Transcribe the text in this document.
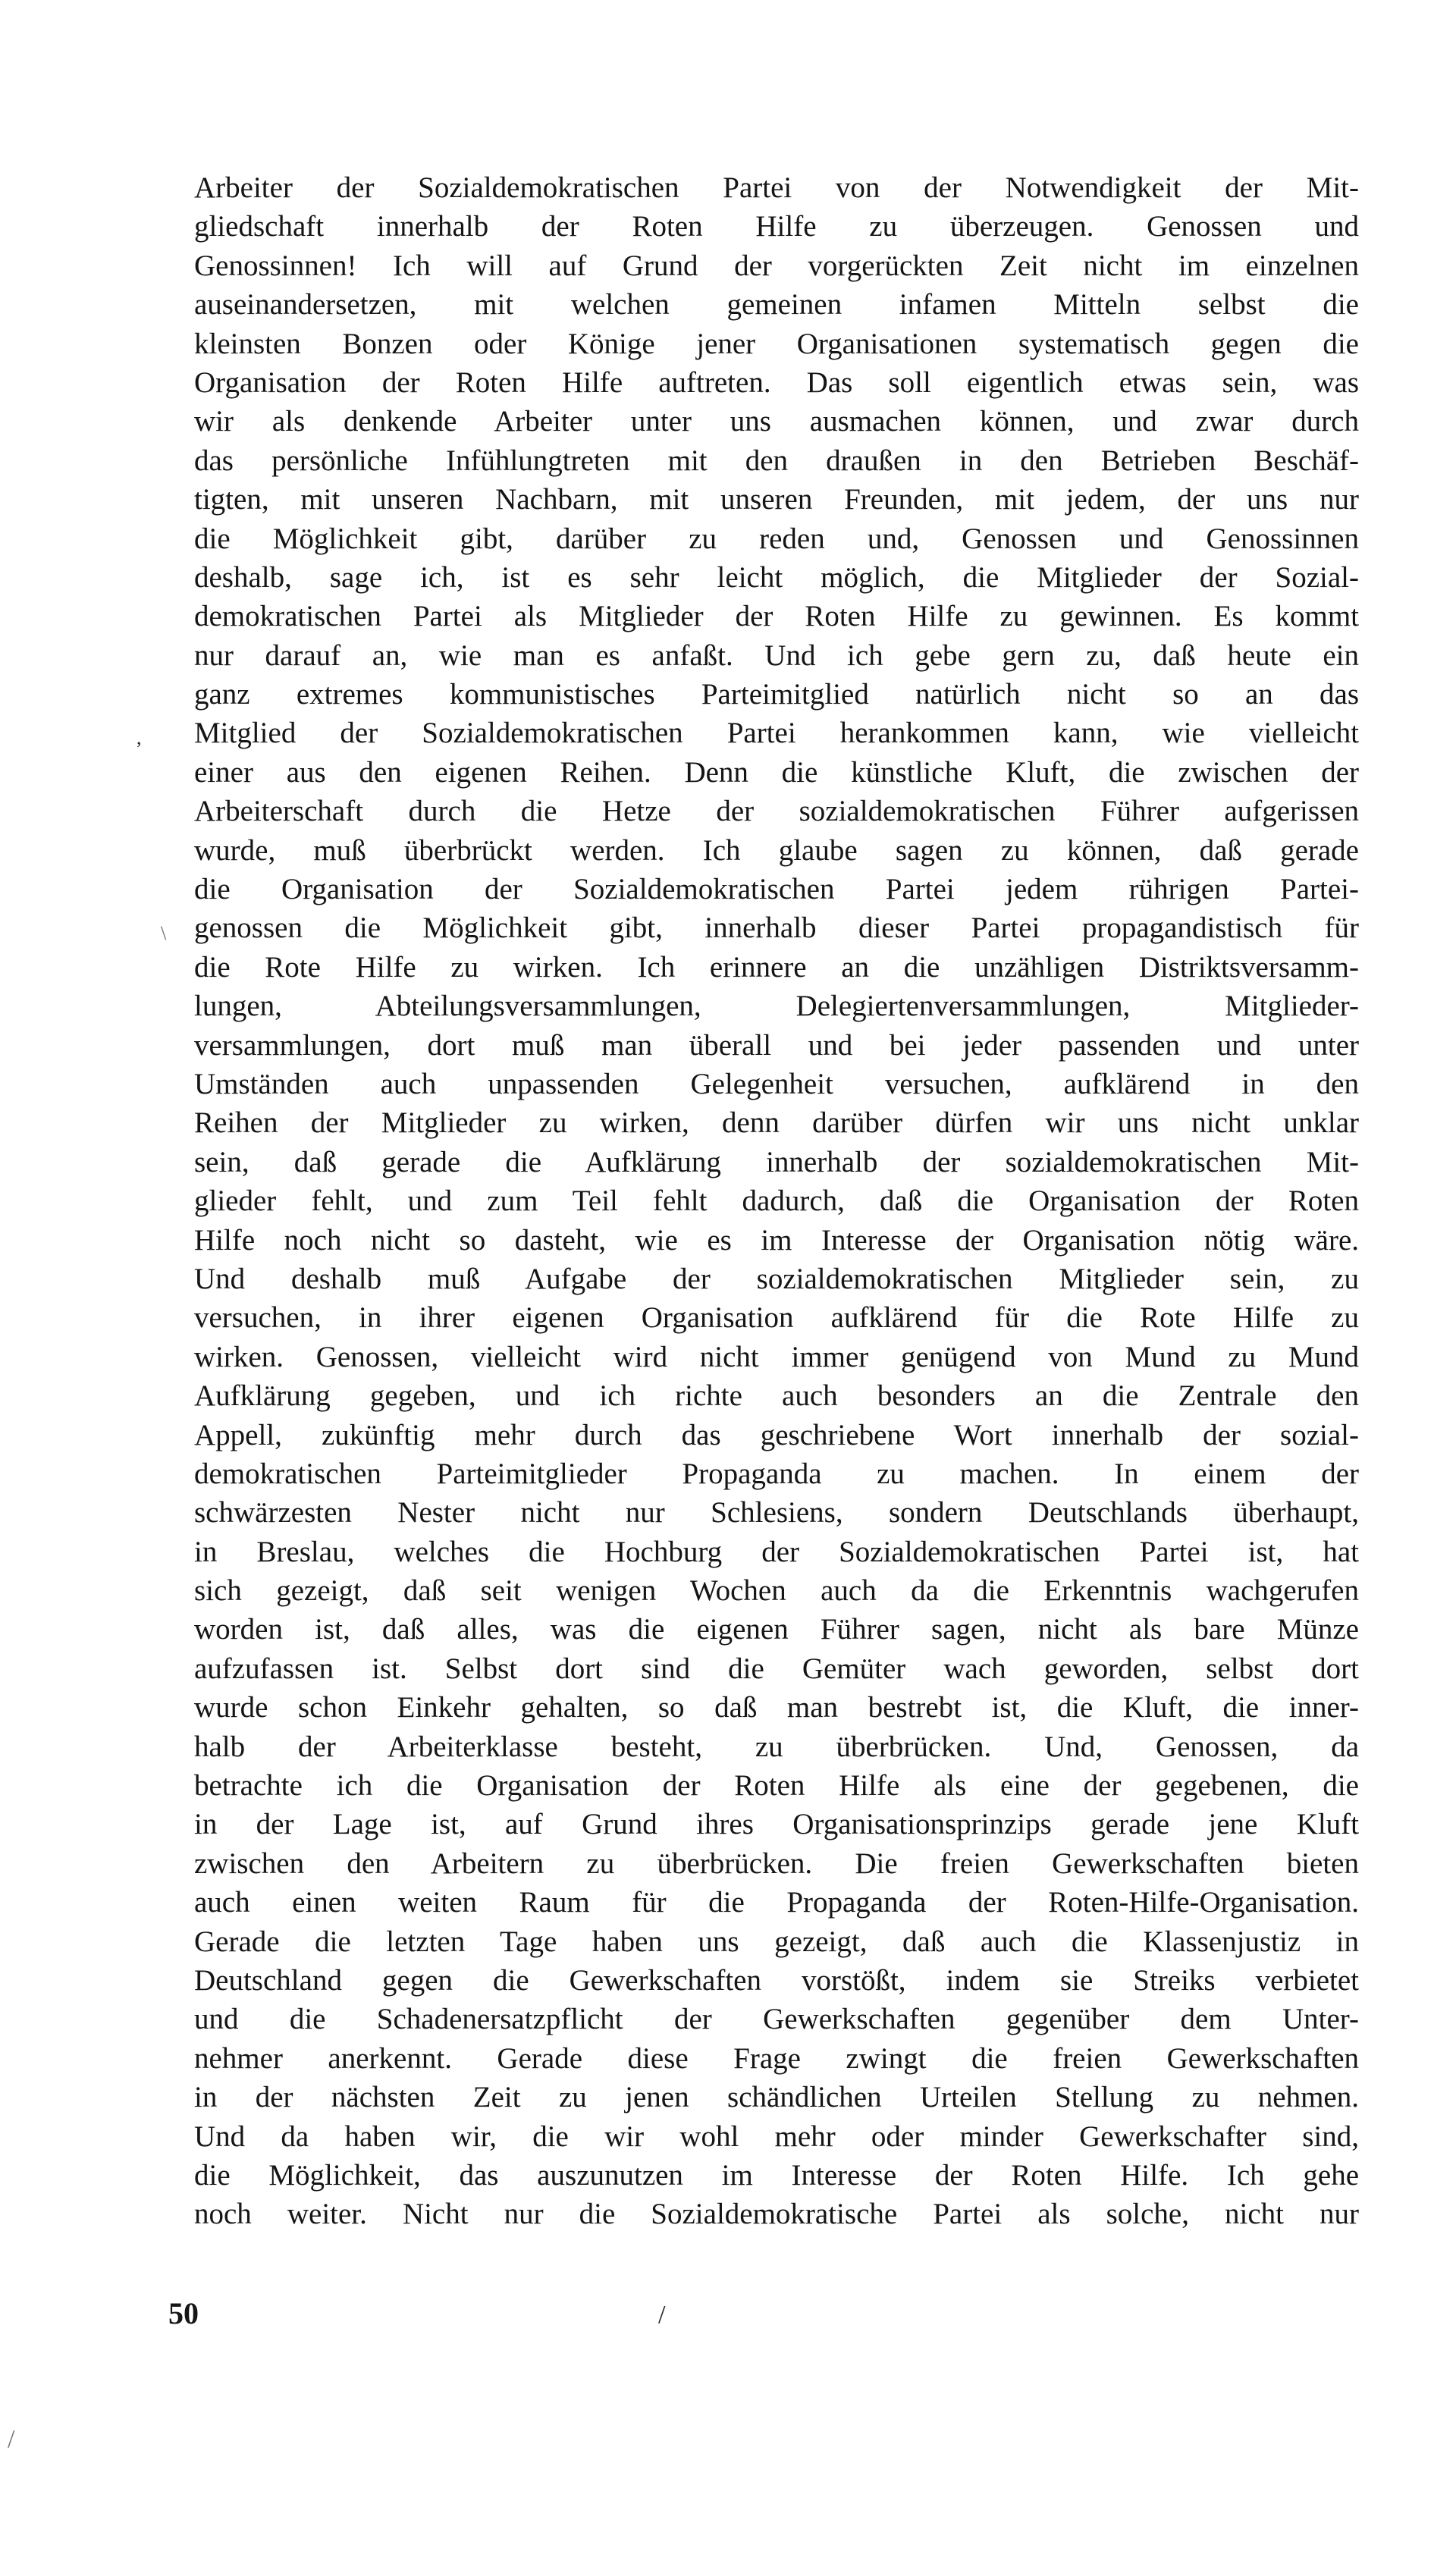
Arbeiter der Sozialdemokratischen Partei von der Notwendigkeit der Mit-
gliedschaft innerhalb der Roten Hilfe zu überzeugen. Genossen und
Genossinnen! Ich will auf Grund der vorgerückten Zeit nicht im einzelnen
auseinandersetzen, mit welchen gemeinen infamen Mitteln selbst die
kleinsten Bonzen oder Könige jener Organisationen systematisch gegen die
Organisation der Roten Hilfe auftreten. Das soll eigentlich etwas sein, was
wir als denkende Arbeiter unter uns ausmachen können, und zwar durch
das persönliche Infühlungtreten mit den draußen in den Betrieben Beschäf-
tigten, mit unseren Nachbarn, mit unseren Freunden, mit jedem, der uns nur
die Möglichkeit gibt, darüber zu reden und, Genossen und Genossinnen
deshalb, sage ich, ist es sehr leicht möglich, die Mitglieder der Sozial-
demokratischen Partei als Mitglieder der Roten Hilfe zu gewinnen. Es kommt
nur darauf an, wie man es anfaßt. Und ich gebe gern zu, daß heute ein
ganz extremes kommunistisches Parteimitglied natürlich nicht so an das
Mitglied der Sozialdemokratischen Partei herankommen kann, wie vielleicht
einer aus den eigenen Reihen. Denn die künstliche Kluft, die zwischen der
Arbeiterschaft durch die Hetze der sozialdemokratischen Führer aufgerissen
wurde, muß überbrückt werden. Ich glaube sagen zu können, daß gerade
die Organisation der Sozialdemokratischen Partei jedem rührigen Partei-
genossen die Möglichkeit gibt, innerhalb dieser Partei propagandistisch für
die Rote Hilfe zu wirken. Ich erinnere an die unzähligen Distriktsversamm-
lungen, Abteilungsversammlungen, Delegiertenversammlungen, Mitglieder-
versammlungen, dort muß man überall und bei jeder passenden und unter
Umständen auch unpassenden Gelegenheit versuchen, aufklärend in den
Reihen der Mitglieder zu wirken, denn darüber dürfen wir uns nicht unklar
sein, daß gerade die Aufklärung innerhalb der sozialdemokratischen Mit-
glieder fehlt, und zum Teil fehlt dadurch, daß die Organisation der Roten
Hilfe noch nicht so dasteht, wie es im Interesse der Organisation nötig wäre.
Und deshalb muß Aufgabe der sozialdemokratischen Mitglieder sein, zu
versuchen, in ihrer eigenen Organisation aufklärend für die Rote Hilfe zu
wirken. Genossen, vielleicht wird nicht immer genügend von Mund zu Mund
Aufklärung gegeben, und ich richte auch besonders an die Zentrale den
Appell, zukünftig mehr durch das geschriebene Wort innerhalb der sozial-
demokratischen Parteimitglieder Propaganda zu machen. In einem der
schwärzesten Nester nicht nur Schlesiens, sondern Deutschlands überhaupt,
in Breslau, welches die Hochburg der Sozialdemokratischen Partei ist, hat
sich gezeigt, daß seit wenigen Wochen auch da die Erkenntnis wachgerufen
worden ist, daß alles, was die eigenen Führer sagen, nicht als bare Münze
aufzufassen ist. Selbst dort sind die Gemüter wach geworden, selbst dort
wurde schon Einkehr gehalten, so daß man bestrebt ist, die Kluft, die inner-
halb der Arbeiterklasse besteht, zu überbrücken. Und, Genossen, da
betrachte ich die Organisation der Roten Hilfe als eine der gegebenen, die
in der Lage ist, auf Grund ihres Organisationsprinzips gerade jene Kluft
zwischen den Arbeitern zu überbrücken. Die freien Gewerkschaften bieten
auch einen weiten Raum für die Propaganda der Roten-Hilfe-Organisation.
Gerade die letzten Tage haben uns gezeigt, daß auch die Klassenjustiz in
Deutschland gegen die Gewerkschaften vorstößt, indem sie Streiks verbietet
und die Schadenersatzpflicht der Gewerkschaften gegenüber dem Unter-
nehmer anerkennt. Gerade diese Frage zwingt die freien Gewerkschaften
in der nächsten Zeit zu jenen schändlichen Urteilen Stellung zu nehmen.
Und da haben wir, die wir wohl mehr oder minder Gewerkschafter sind,
die Möglichkeit, das auszunutzen im Interesse der Roten Hilfe. Ich gehe
noch weiter. Nicht nur die Sozialdemokratische Partei als solche, nicht nur
50	/
/
,
\
